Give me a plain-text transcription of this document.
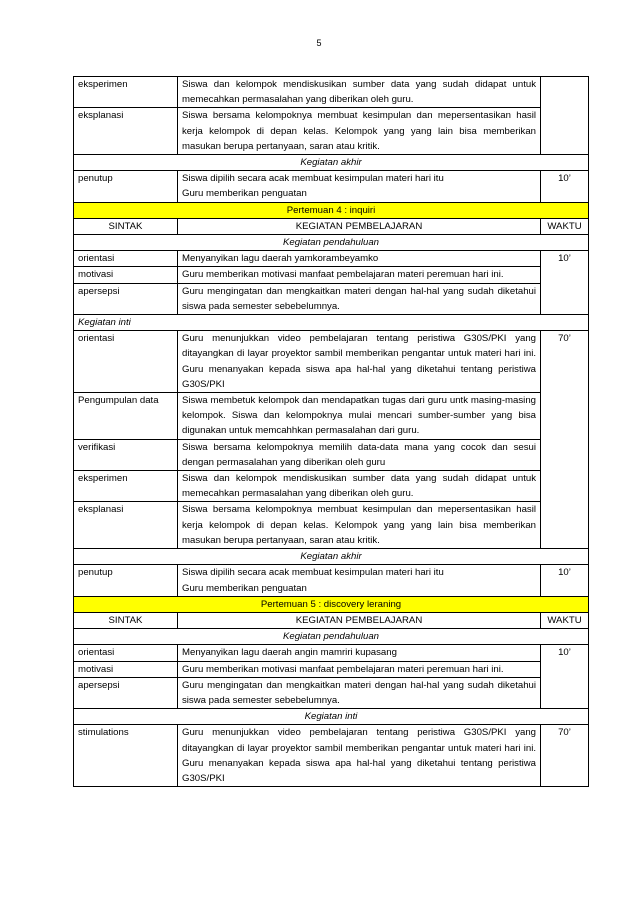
5
eksperimen	Siswa dan kelompok mendiskusikan sumber data yang sudah didapat untuk memecahkan permasalahan yang diberikan oleh guru.	
eksplanasi	Siswa bersama kelompoknya membuat kesimpulan dan mepersentasikan hasil kerja kelompok di depan kelas. Kelompok yang yang lain bisa memberikan masukan berupa pertanyaan, saran atau kritik.	
Kegiatan akhir		
penutup	Siswa dipilih secara acak membuat kesimpulan materi hari itu
Guru memberikan penguatan	10’
Pertemuan 4 : inquiri		
SINTAK	KEGIATAN PEMBELAJARAN	WAKTU
Kegiatan pendahuluan		
orientasi	Menyanyikan lagu daerah yamkorambeyamko	10’
motivasi	Guru memberikan motivasi manfaat pembelajaran materi peremuan hari ini.	
apersepsi	Guru mengingatan dan mengkaitkan materi dengan hal-hal yang sudah diketahui siswa pada semester sebebelumnya.	
Kegiatan inti		
orientasi	Guru menunjukkan video pembelajaran tentang peristiwa G30S/PKI yang ditayangkan di layar proyektor sambil memberikan pengantar untuk materi hari ini. Guru menanyakan kepada siswa apa hal-hal yang diketahui tentang peristiwa G30S/PKI	70’
Pengumpulan data	Siswa membetuk kelompok dan mendapatkan tugas dari guru untk masing-masing kelompok. Siswa dan kelompoknya mulai mencari sumber-sumber yang bisa digunakan untuk memcahhkan permasalahan dari guru.	
verifikasi	Siswa bersama kelompoknya memilih data-data mana yang cocok dan sesui dengan permasalahan yang diberikan oleh guru	
eksperimen	Siswa dan kelompok mendiskusikan sumber data yang sudah didapat untuk memecahkan permasalahan yang diberikan oleh guru.	
eksplanasi	Siswa bersama kelompoknya membuat kesimpulan dan mepersentasikan hasil kerja kelompok di depan kelas. Kelompok yang yang lain bisa memberikan masukan berupa pertanyaan, saran atau kritik.	
Kegiatan akhir		
penutup	Siswa dipilih secara acak membuat kesimpulan materi hari itu
Guru memberikan penguatan	10’
Pertemuan 5 : discovery leraning		
SINTAK	KEGIATAN PEMBELAJARAN	WAKTU
Kegiatan pendahuluan		
orientasi	Menyanyikan lagu daerah angin mamriri kupasang	10’
motivasi	Guru memberikan motivasi manfaat pembelajaran materi peremuan hari ini.	
apersepsi	Guru mengingatan dan mengkaitkan materi dengan hal-hal yang sudah diketahui siswa pada semester sebebelumnya.	
Kegiatan inti		
stimulations	Guru menunjukkan video pembelajaran tentang peristiwa G30S/PKI yang ditayangkan di layar proyektor sambil memberikan pengantar untuk materi hari ini. Guru menanyakan kepada siswa apa hal-hal yang diketahui tentang peristiwa G30S/PKI	70’
